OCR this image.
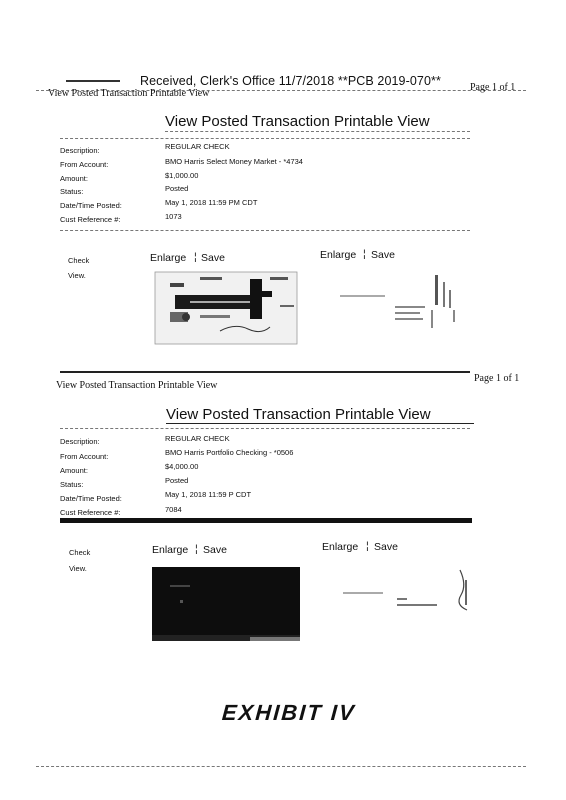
Received, Clerk's Office 11/7/2018 **PCB 2019-070**
View Posted Transaction Printable View
Page 1 of 1
View Posted Transaction Printable View
Description:	REGULAR CHECK
From Account:	BMO Harris Select Money Market - *4734
Amount:	$1,000.00
Status:	Posted
Date/Time Posted:	May 1, 2018 11:59 PM CDT
Cust Reference #:	1073
Check
View.
Enlarge ¦ Save	Enlarge ¦ Save
View Posted Transaction Printable View
Page 1 of 1
View Posted Transaction Printable View
Description:	REGULAR CHECK
From Account:	BMO Harris Portfolio Checking - *0506
Amount:	$4,000.00
Status:	Posted
Date/Time Posted:	May 1, 2018 11:59 P CDT
Cust Reference #:	7084
Check
View.
Enlarge ¦ Save	Enlarge ¦ Save
EXHIBIT IV
